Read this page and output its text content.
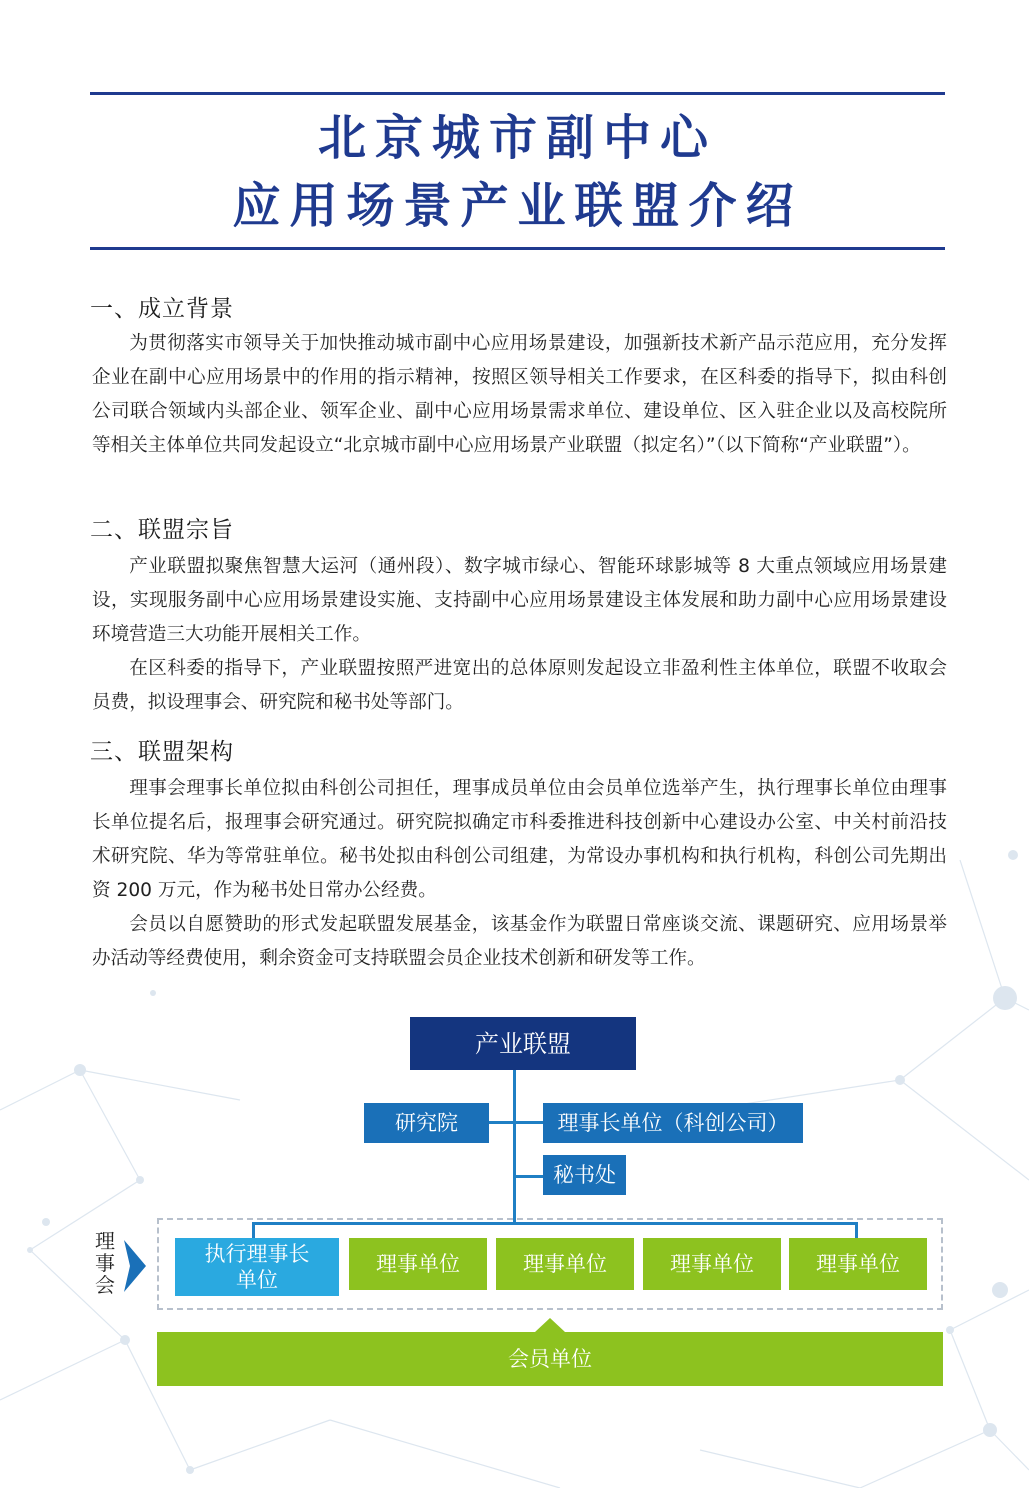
北京城市副中心
应用场景产业联盟介绍
一、成立背景

为贯彻落实市领导关于加快推动城市副中心应用场景建设，加强新技术新产品示范应用，充分发挥企业在副中心应用场景中的作用的指示精神，按照区领导相关工作要求，在区科委的指导下，拟由科创公司联合领域内头部企业、领军企业、副中心应用场景需求单位、建设单位、区入驻企业以及高校院所等相关主体单位共同发起设立“北京城市副中心应用场景产业联盟（拟定名）”（以下简称“产业联盟”）。

二、联盟宗旨

产业联盟拟聚焦智慧大运河（通州段）、数字城市绿心、智能环球影城等 8 大重点领域应用场景建设，实现服务副中心应用场景建设实施、支持副中心应用场景建设主体发展和助力副中心应用场景建设环境营造三大功能开展相关工作。

在区科委的指导下，产业联盟按照严进宽出的总体原则发起设立非盈利性主体单位，联盟不收取会员费，拟设理事会、研究院和秘书处等部门。

三、联盟架构

理事会理事长单位拟由科创公司担任，理事成员单位由会员单位选举产生，执行理事长单位由理事长单位提名后，报理事会研究通过。研究院拟确定市科委推进科技创新中心建设办公室、中关村前沿技术研究院、华为等常驻单位。秘书处拟由科创公司组建，为常设办事机构和执行机构，科创公司先期出资 200 万元，作为秘书处日常办公经费。

会员以自愿赞助的形式发起联盟发展基金，该基金作为联盟日常座谈交流、课题研究、应用场景举办活动等经费使用，剩余资金可支持联盟会员企业技术创新和研发等工作。

产业联盟
研究院	理事长单位（科创公司）
秘书处
理事会
执行理事长单位
理事单位	理事单位	理事单位	理事单位
会员单位
